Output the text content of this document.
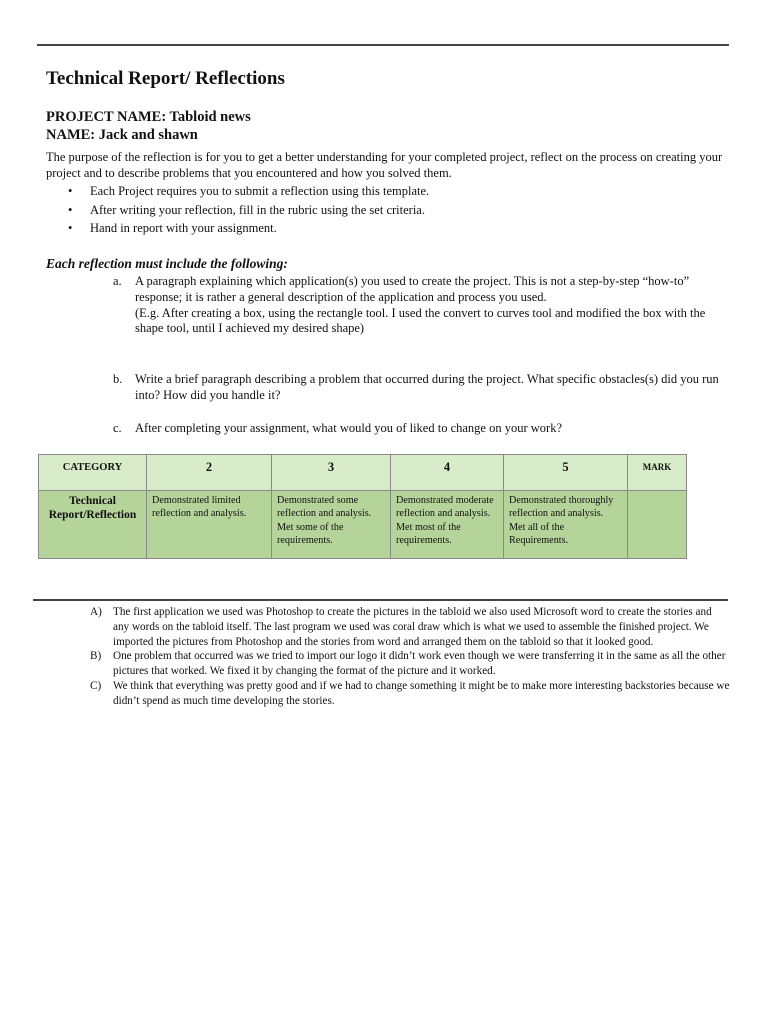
Technical Report/ Reflections
PROJECT NAME: Tabloid news
NAME: Jack and shawn

The purpose of the reflection is for you to get a better understanding for your completed project, reflect on the process on creating your project and to describe problems that you encountered and how you solved them.

• Each Project requires you to submit a reflection using this template.
• After writing your reflection, fill in the rubric using the set criteria.
• Hand in report with your assignment.
Each reflection must include the following:
a. A paragraph explaining which application(s) you used to create the project. This is not a step-by-step “how-to” response; it is rather a general description of the application and process you used.
(E.g. After creating a box, using the rectangle tool. I used the convert to curves tool and modified the box with the shape tool, until I achieved my desired shape)
b. Write a brief paragraph describing a problem that occurred during the project. What specific obstacles(s) did you run into? How did you handle it?
c. After completing your assignment, what would you of liked to change on your work?
CATEGORY	2	3	4	5	MARK
Technical Report/Reflection	Demonstrated limited reflection and analysis.	Demonstrated some reflection and analysis. Met some of the requirements.	Demonstrated moderate reflection and analysis. Met most of the requirements.	Demonstrated thoroughly reflection and analysis. Met all of the Requirements.	
A) The first application we used was Photoshop to create the pictures in the tabloid we also used Microsoft word to create the stories and any words on the tabloid itself. The last program we used was coral draw which is what we used to assemble the finished project. We imported the pictures from Photoshop and the stories from word and arranged them on the tabloid so that it looked good.
B) One problem that occurred was we tried to import our logo it didn’t work even though we were transferring it in the same as all the other pictures that worked. We fixed it by changing the format of the picture and it worked.
C) We think that everything was pretty good and if we had to change something it might be to make more interesting backstories because we didn’t spend as much time developing the stories.
